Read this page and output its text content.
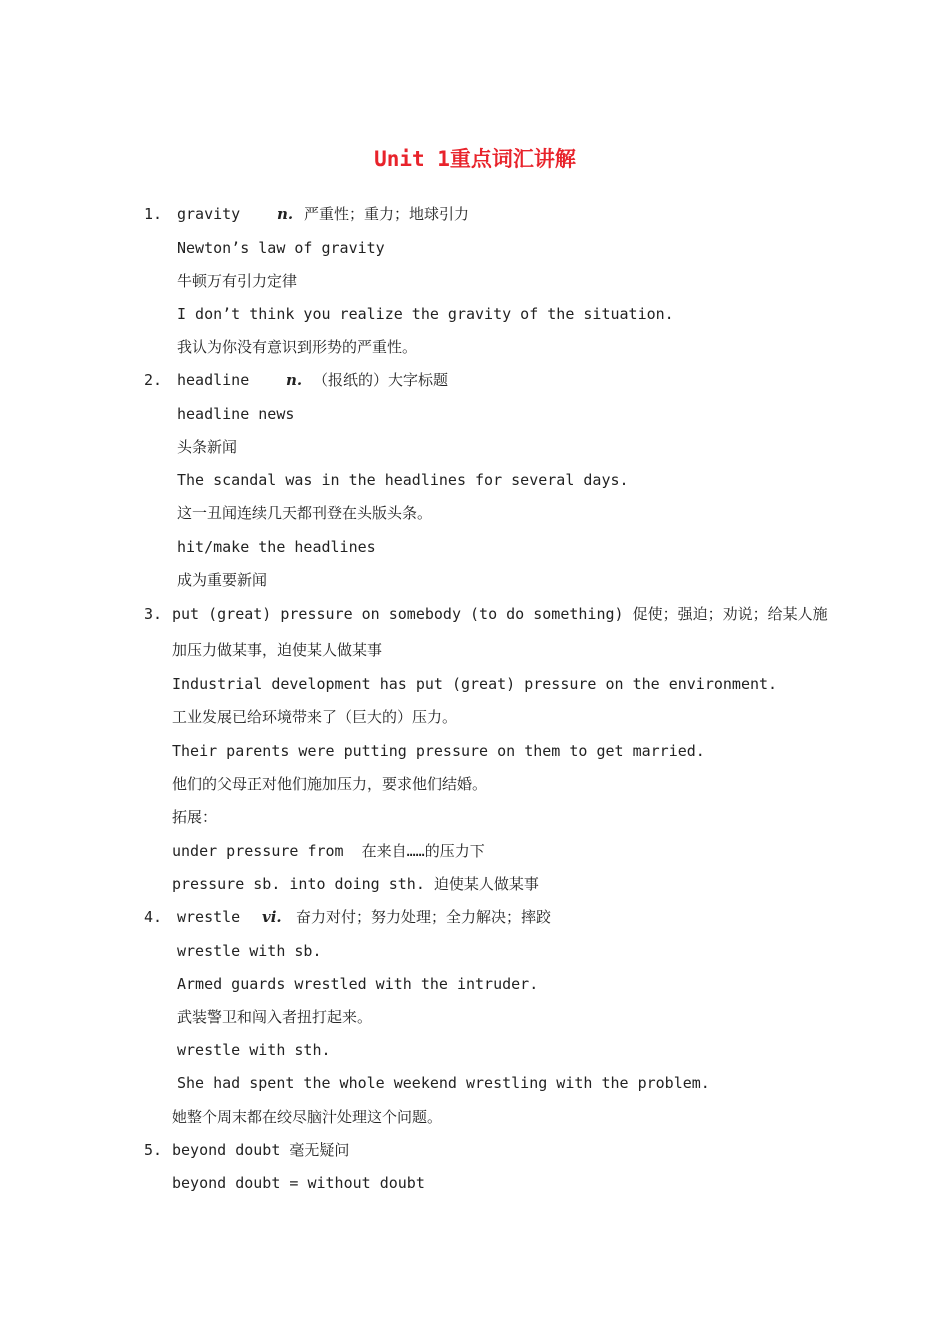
Unit 1重点词汇讲解
1. gravity n. 严重性；重力；地球引力
Newton’s law of gravity
牛顿万有引力定律
I don’t think you realize the gravity of the situation.
我认为你没有意识到形势的严重性。
2. headline n. （报纸的）大字标题
headline news
头条新闻
The scandal was in the headlines for several days.
这一丑闻连续几天都刊登在头版头条。
hit/make the headlines
成为重要新闻
3. put (great) pressure on somebody (to do something) 促使；强迫；劝说；给某人施
加压力做某事，迫使某人做某事
Industrial development has put (great) pressure on the environment.
工业发展已给环境带来了（巨大的）压力。
Their parents were putting pressure on them to get married.
他们的父母正对他们施加压力，要求他们结婚。
拓展：
under pressure from  在来自……的压力下
pressure sb. into doing sth. 迫使某人做某事
4. wrestle vi. 奋力对付；努力处理；全力解决；摔跤
wrestle with sb.
Armed guards wrestled with the intruder.
武装警卫和闯入者扭打起来。
wrestle with sth.
She had spent the whole weekend wrestling with the problem.
她整个周末都在绞尽脑汁处理这个问题。
5. beyond doubt 毫无疑问
beyond doubt = without doubt
